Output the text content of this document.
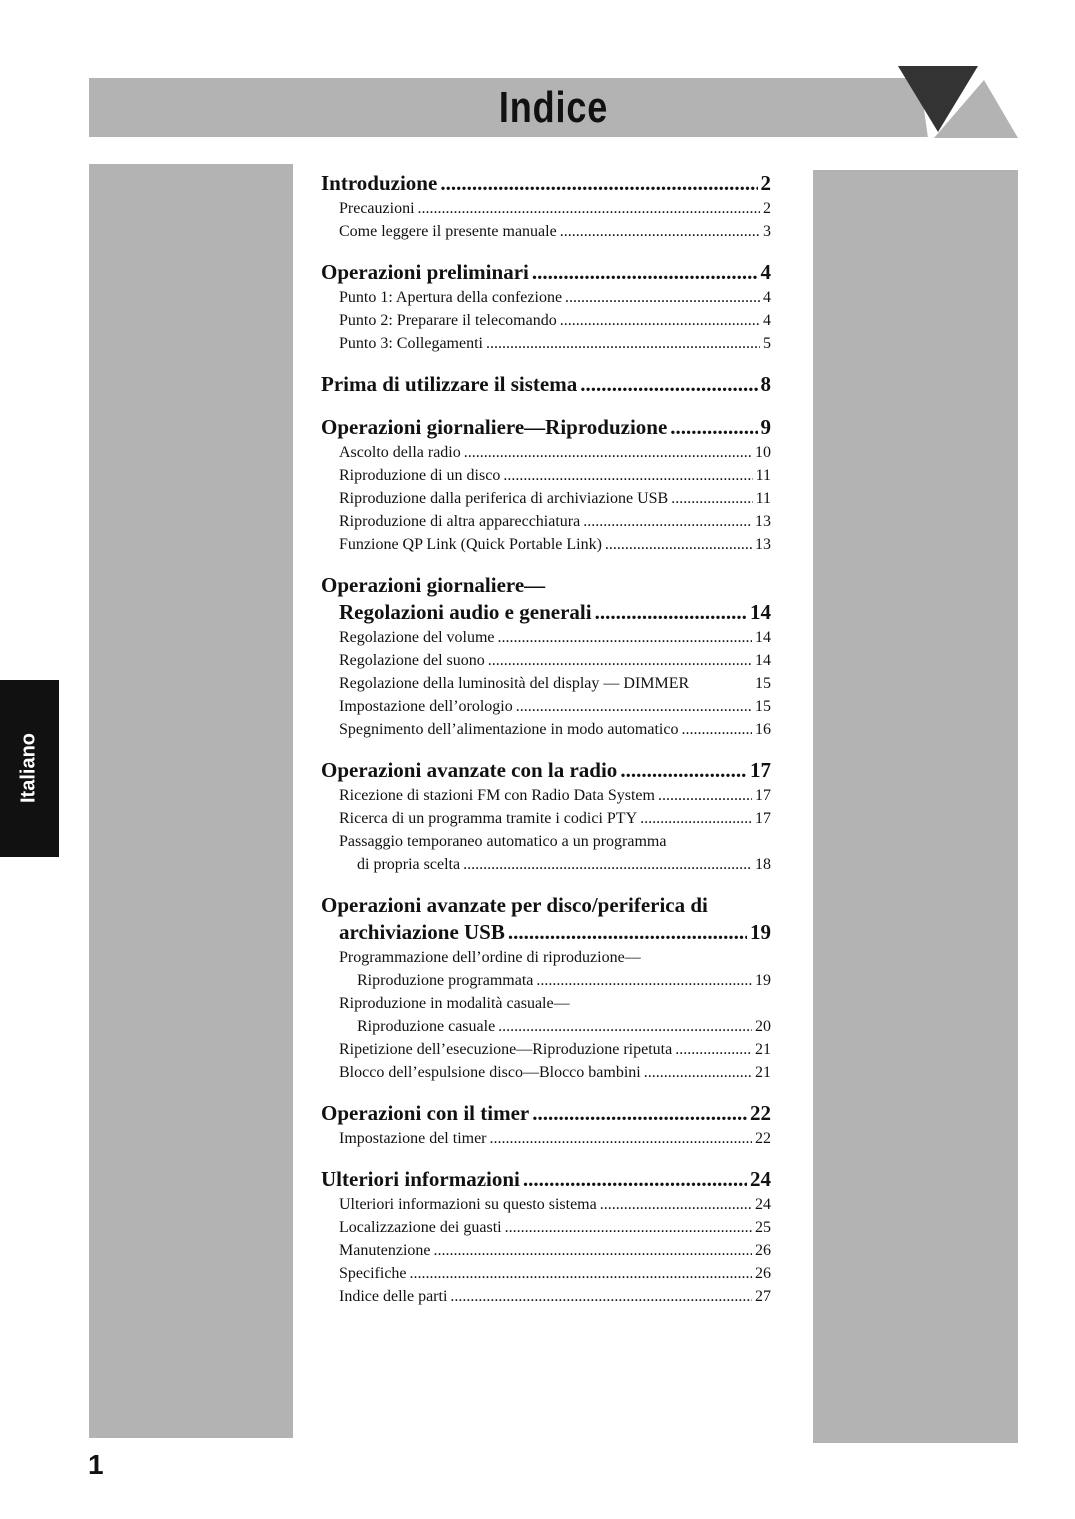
Indice
Italiano
1
Introduzione .....	2
Precauzioni .....	2
Come leggere il presente manuale .....	3
Operazioni preliminari .....	4
Punto 1: Apertura della confezione .....	4
Punto 2: Preparare il telecomando .....	4
Punto 3: Collegamenti .....	5
Prima di utilizzare il sistema .....	8
Operazioni giornaliere—Riproduzione .....	9
Ascolto della radio .....	10
Riproduzione di un disco .....	11
Riproduzione dalla periferica di archiviazione USB .....	11
Riproduzione di altra apparecchiatura .....	13
Funzione QP Link (Quick Portable Link) .....	13
Operazioni giornaliere—
Regolazioni audio e generali .....	14
Regolazione del volume .....	14
Regolazione del suono .....	14
Regolazione della luminosità del display — DIMMER	15
Impostazione dell’orologio .....	15
Spegnimento dell’alimentazione in modo automatico .....	16
Operazioni avanzate con la radio .....	17
Ricezione di stazioni FM con Radio Data System .....	17
Ricerca di un programma tramite i codici PTY .....	17
Passaggio temporaneo automatico a un programma
di propria scelta .....	18
Operazioni avanzate per disco/periferica di
archiviazione USB .....	19
Programmazione dell’ordine di riproduzione—
Riproduzione programmata .....	19
Riproduzione in modalità casuale—
Riproduzione casuale .....	20
Ripetizione dell’esecuzione—Riproduzione ripetuta .....	21
Blocco dell’espulsione disco—Blocco bambini .....	21
Operazioni con il timer .....	22
Impostazione del timer .....	22
Ulteriori informazioni .....	24
Ulteriori informazioni su questo sistema .....	24
Localizzazione dei guasti .....	25
Manutenzione .....	26
Specifiche .....	26
Indice delle parti .....	27
